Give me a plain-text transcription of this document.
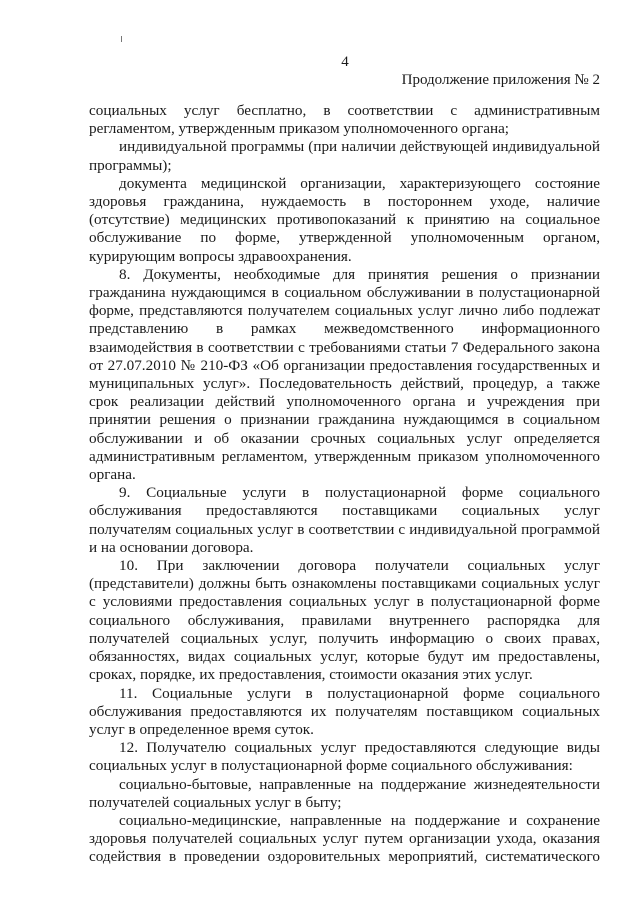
4
Продолжение приложения № 2

социальных услуг бесплатно, в соответствии с административным регламентом, утвержденным приказом уполномоченного органа;

индивидуальной программы (при наличии действующей индивидуальной программы);

документа медицинской организации, характеризующего состояние здоровья гражданина, нуждаемость в постороннем уходе, наличие (отсутствие) медицинских противопоказаний к принятию на социальное обслуживание по форме, утвержденной уполномоченным органом, курирующим вопросы здравоохранения.

8. Документы, необходимые для принятия решения о признании гражданина нуждающимся в социальном обслуживании в полустационарной форме, представляются получателем социальных услуг лично либо подлежат представлению в рамках межведомственного информационного взаимодействия в соответствии с требованиями статьи 7 Федерального закона от 27.07.2010 № 210-ФЗ «Об организации предоставления государственных и муниципальных услуг». Последовательность действий, процедур, а также срок реализации действий уполномоченного органа и учреждения при принятии решения о признании гражданина нуждающимся в социальном обслуживании и об оказании срочных социальных услуг определяется административным регламентом, утвержденным приказом уполномоченного органа.

9. Социальные услуги в полустационарной форме социального обслуживания предоставляются поставщиками социальных услуг получателям социальных услуг в соответствии с индивидуальной программой и на основании договора.

10. При заключении договора получатели социальных услуг (представители) должны быть ознакомлены поставщиками социальных услуг с условиями предоставления социальных услуг в полустационарной форме социального обслуживания, правилами внутреннего распорядка для получателей социальных услуг, получить информацию о своих правах, обязанностях, видах социальных услуг, которые будут им предоставлены, сроках, порядке, их предоставления, стоимости оказания этих услуг.

11. Социальные услуги в полустационарной форме социального обслуживания предоставляются их получателям поставщиком социальных услуг в определенное время суток.

12. Получателю социальных услуг предоставляются следующие виды социальных услуг в полустационарной форме социального обслуживания:

социально-бытовые, направленные на поддержание жизнедеятельности получателей социальных услуг в быту;

социально-медицинские, направленные на поддержание и сохранение здоровья получателей социальных услуг путем организации ухода, оказания содействия в проведении оздоровительных мероприятий, систематического
